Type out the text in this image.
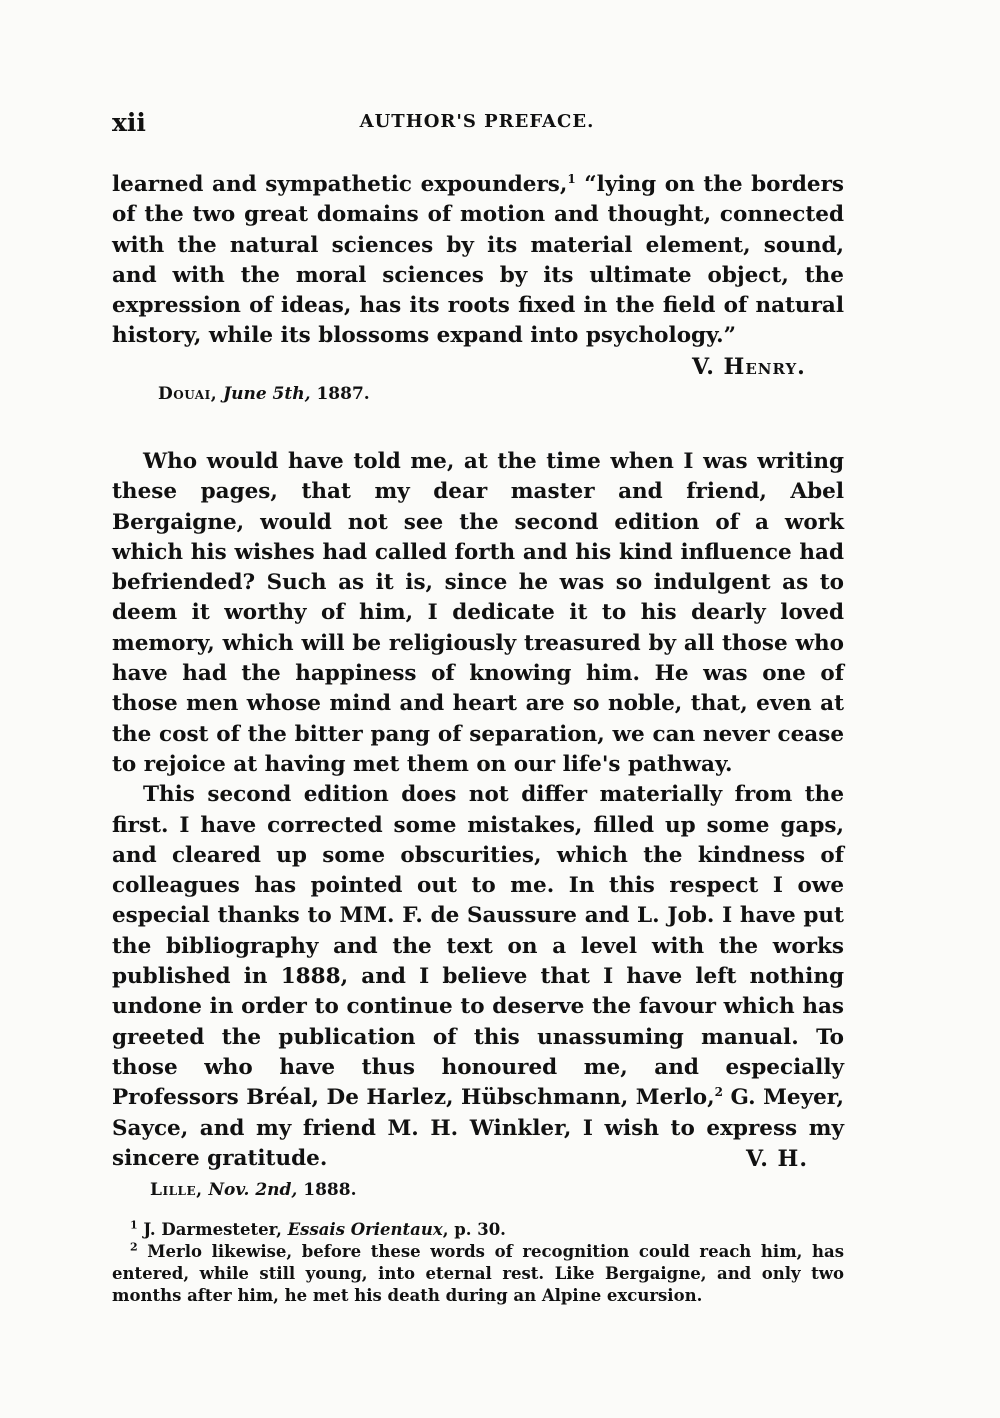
xii	AUTHOR'S PREFACE.

learned and sympathetic expounders,$^1$ “lying on the borders of the two great domains of motion and thought, connected with the natural sciences by its material element, sound, and with the moral sciences by its ultimate object, the expression of ideas, has its roots fixed in the field of natural history, while its blossoms expand into psychology.”

V. Henry.
Douai, June 5th, 1887.

Who would have told me, at the time when I was writing these pages, that my dear master and friend, Abel Bergaigne, would not see the second edition of a work which his wishes had called forth and his kind influence had befriended? Such as it is, since he was so indulgent as to deem it worthy of him, I dedicate it to his dearly loved memory, which will be religiously treasured by all those who have had the happiness of knowing him. He was one of those men whose mind and heart are so noble, that, even at the cost of the bitter pang of separation, we can never cease to rejoice at having met them on our life's pathway.

This second edition does not differ materially from the first. I have corrected some mistakes, filled up some gaps, and cleared up some obscurities, which the kindness of colleagues has pointed out to me. In this respect I owe especial thanks to MM. F. de Saussure and L. Job. I have put the bibliography and the text on a level with the works published in 1888, and I believe that I have left nothing undone in order to continue to deserve the favour which has greeted the publication of this unassuming manual. To those who have thus honoured me, and especially Professors Bréal, De Harlez, Hübschmann, Merlo,$^2$ G. Meyer, Sayce, and my friend M. H. Winkler, I wish to express my sincere gratitude.	V. H.
Lille, Nov. 2nd, 1888.

$^1$ J. Darmesteter, Essais Orientaux, p. 30.

$^2$ Merlo likewise, before these words of recognition could reach him, has entered, while still young, into eternal rest. Like Bergaigne, and only two months after him, he met his death during an Alpine excursion.
